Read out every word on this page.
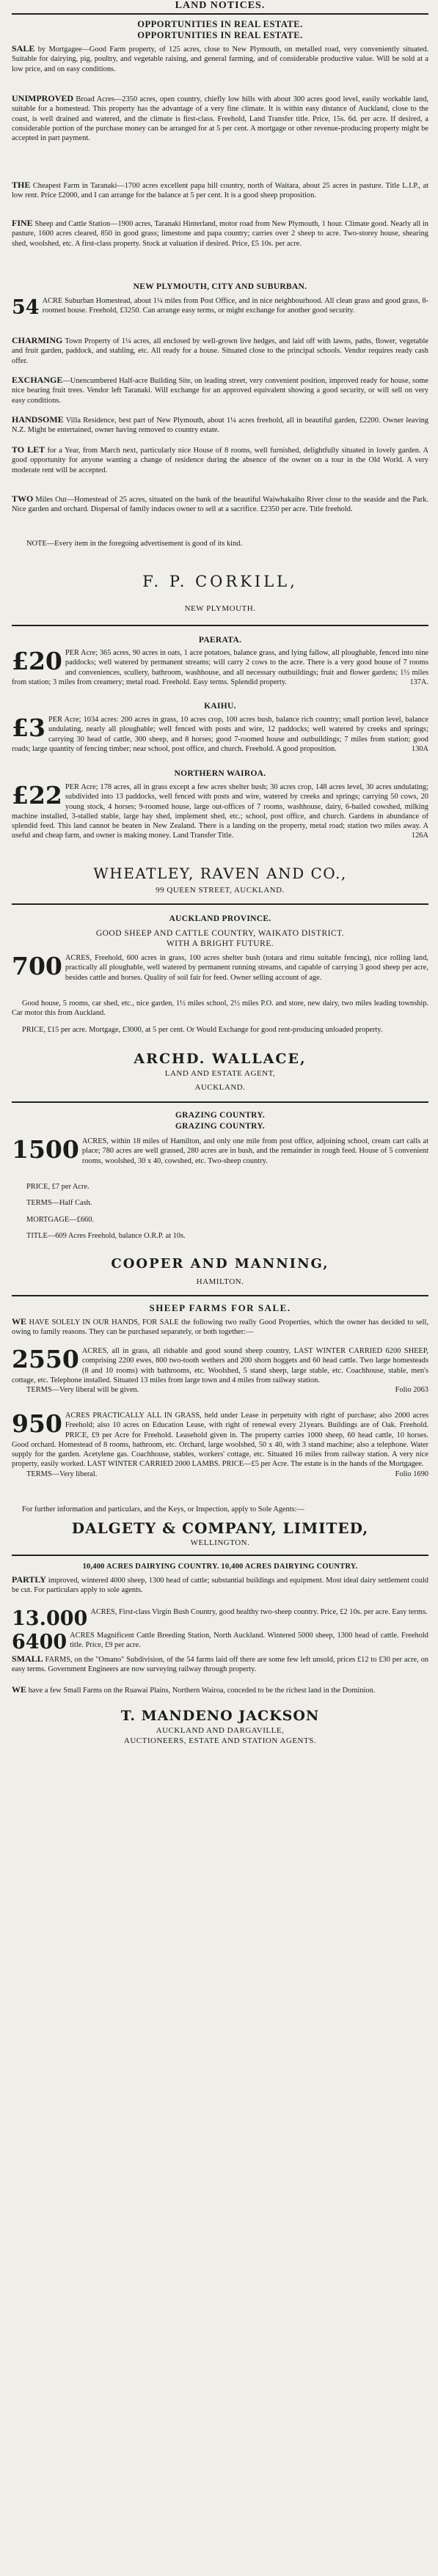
LAND NOTICES.
OPPORTUNITIES IN REAL ESTATE.
OPPORTUNITIES IN REAL ESTATE.

SALE by Mortgagee—Good Farm property, of 125 acres, close to New Plymouth, on metalled road, very conveniently situated. Suitable for dairying, pig, poultry, and vegetable raising, and general farming, and of considerable productive value. Will be sold at a low price, and on easy conditions.

UNIMPROVED Broad Acres—2350 acres, open country, chiefly low hills with about 300 acres good level, easily workable land, suitable for a homestead. This property has the advantage of a very fine climate. It is within easy distance of Auckland, close to the coast, is well drained and watered, and the climate is first-class. Freehold, Land Transfer title. Price, 15s. 6d. per acre. If desired, a considerable portion of the purchase money can be arranged for at 5 per cent. A mortgage or other revenue-producing property might be accepted in part payment.

THE Cheapest Farm in Taranaki—1700 acres excellent papa hill country, north of Waitara, about 25 acres in pasture. Title L.I.P., at low rent. Price £2000, and I can arrange for the balance at 5 per cent. It is a good sheep proposition.

FINE Sheep and Cattle Station—1900 acres, Taranaki Hinterland, motor road from New Plymouth, 1 hour. Climate good. Nearly all in pasture, 1600 acres cleared, 850 in good grass; limestone and papa country; carries over 2 sheep to acre. Two-storey house, shearing shed, woolshed, etc. A first-class property. Stock at valuation if desired. Price, £5 10s. per acre.

NEW PLYMOUTH, CITY AND SUBURBAN.

54 ACRE Suburban Homestead, about 1¼ miles from Post Office, and in nice neighbourhood. All clean grass and good grass, 8-roomed house. Freehold, £3250. Can arrange easy terms, or might exchange for another good security.

CHARMING Town Property of 1¼ acres, all enclosed by well-grown live hedges, and laid off with lawns, paths, flower, vegetable and fruit garden, paddock, and stabling, etc. All ready for a house. Situated close to the principal schools. Vendor requires ready cash offer.

EXCHANGE—Unencumbered Half-acre Building Site, on leading street, very convenient position, improved ready for house, some nice bearing fruit trees. Vendor left Taranaki. Will exchange for an approved equivalent showing a good security, or will sell on very easy conditions.

HANDSOME Villa Residence, best part of New Plymouth, about 1¼ acres freehold, all in beautiful garden, £2200. Owner leaving N.Z. Might be entertained, owner having removed to country estate.

TO LET for a Year, from March next, particularly nice House of 8 rooms, well furnished, delightfully situated in lovely garden. A good opportunity for anyone wanting a change of residence during the absence of the owner on a tour in the Old World. A very moderate rent will be accepted.

TWO Miles Out—Homestead of 25 acres, situated on the bank of the beautiful Waiwhakaiho River close to the seaside and the Park. Nice garden and orchard. Dispersal of family induces owner to sell at a sacrifice. £2350 per acre. Title freehold.

NOTE—Every item in the foregoing advertisement is good of its kind.

F. P. CORKILL,
NEW PLYMOUTH.
PAERATA.

£20 PER Acre; 365 acres, 90 acres in oats, 1 acre potatoes, balance grass, and lying fallow, all ploughable, fenced into nine paddocks; well watered by permanent streams; will carry 2 cows to the acre. There is a very good house of 7 rooms and conveniences, scullery, bathroom, washhouse, and all necessary outbuildings; fruit and flower gardens; 1½ miles from station; 3 miles from creamery; metal road. Freehold. Easy terms. Splendid property.	137A.

KAIHU.

£3 PER Acre; 1034 acres: 200 acres in grass, 10 acres crop, 100 acres bush, balance rich country; small portion level, balance undulating, nearly all ploughable; well fenced with posts and wire, 12 paddocks; well watered by creeks and springs; carrying 30 head of cattle, 300 sheep, and 8 horses; good 7-roomed house and outbuildings; 7 miles from station; good roads; large quantity of fencing timber; near school, post office, and church. Freehold. A good proposition.	130A

NORTHERN WAIROA.

£22 PER Acre; 178 acres, all in grass except a few acres shelter bush; 30 acres crop, 148 acres level, 30 acres undulating; subdivided into 13 paddocks, well fenced with posts and wire, watered by creeks and springs; carrying 50 cows, 20 young stock, 4 horses; 9-roomed house, large out-offices of 7 rooms, washhouse, dairy, 6-bailed cowshed, milking machine installed, 3-stalled stable, large hay shed, implement shed, etc.; school, post office, and church. Gardens in abundance of splendid feed. This land cannot be beaten in New Zealand. There is a landing on the property, metal road; station two miles away. A useful and cheap farm, and owner is making money. Land Transfer Title.	126A

WHEATLEY, RAVEN AND CO.,
99 QUEEN STREET, AUCKLAND.
AUCKLAND PROVINCE.
GOOD SHEEP AND CATTLE COUNTRY, WAIKATO DISTRICT.
WITH A BRIGHT FUTURE.

700 ACRES, Freehold, 600 acres in grass, 100 acres shelter bush (totara and rimu suitable fencing), nice rolling land, practically all ploughable, well watered by permanent running streams, and capable of carrying 3 good sheep per acre, besides cattle and horses. Quality of soil fair for feed. Owner selling account of age.

Good house, 5 rooms, car shed, etc., nice garden, 1½ miles school, 2½ miles P.O. and store, new dairy, two miles leading township. Car motor this from Auckland.

PRICE, £15 per acre. Mortgage, £3000, at 5 per cent. Or Would Exchange for good rent-producing unloaded property.

ARCHD. WALLACE,
LAND AND ESTATE AGENT,
AUCKLAND.
GRAZING COUNTRY.
GRAZING COUNTRY.

1500 ACRES, within 18 miles of Hamilton, and only one mile from post office, adjoining school, cream cart calls at place; 780 acres are well grassed, 280 acres are in bush, and the remainder in rough feed. House of 5 convenient rooms, woolshed, 30 x 40, cowshed, etc. Two-sheep country.

PRICE, £7 per Acre.

TERMS—Half Cash.

MORTGAGE—£660.

TITLE—609 Acres Freehold, balance O.R.P. at 10s.

COOPER AND MANNING,
HAMILTON.
SHEEP FARMS FOR SALE.

WE HAVE SOLELY IN OUR HANDS, FOR SALE the following two really Good Properties, which the owner has decided to sell, owing to family reasons. They can be purchased separately, or both together:—

2550 ACRES, all in grass, all ridsable and good sound sheep country, LAST WINTER CARRIED 6200 SHEEP, comprising 2200 ewes, 800 two-tooth wethers and 200 shorn hoggets and 60 head cattle. Two large homesteads (8 and 10 rooms) with bathrooms, etc. Woolshed, 5 stand sheep, large stable, etc. Coachhouse, stable, men's cottage, etc. Telephone installed. Situated 13 miles from large town and 4 miles from railway station.

TERMS—Very liberal will be given.	Folio 2063

950 ACRES PRACTICALLY ALL IN GRASS, held under Lease in perpetuity with right of purchase; also 2000 acres Freehold; also 10 acres on Education Lease, with right of renewal every 21years. Buildings are of Oak. Freehold. PRICE, £9 per Acre for Freehold. Leasehold given in. The property carries 1000 sheep, 60 head cattle, 10 horses. Good orchard. Homestead of 8 rooms, bathroom, etc. Orchard, large woolshed, 50 x 40, with 3 stand machine; also a telephone. Water supply for the garden. Acetylene gas. Coachhouse, stables, workers' cottage, etc. Situated 16 miles from railway station. A very nice property, easily worked. LAST WINTER CARRIED 2000 LAMBS. PRICE—£5 per Acre. The estate is in the hands of the Mortgagee.

TERMS—Very liberal.	Folio 1690

For further information and particulars, and the Keys, or Inspection, apply to Sole Agents:—

DALGETY & COMPANY, LIMITED,
WELLINGTON.
10,400 ACRES DAIRYING COUNTRY. 10,400 ACRES DAIRYING COUNTRY.

PARTLY improved, wintered 4000 sheep, 1300 head of cattle; substantial buildings and equipment. Most ideal dairy settlement could be cut. For particulars apply to sole agents.

13.000 ACRES, First-class Virgin Bush Country, good healthy two-sheep country. Price, £2 10s. per acre. Easy terms.

6400 ACRES Magnificent Cattle Breeding Station, North Auckland. Wintered 5000 sheep, 1300 head of cattle. Freehold title. Price, £9 per acre.

SMALL FARMS, on the "Omano" Subdivision, of the 54 farms laid off there are some few left unsold, prices £12 to £30 per acre, on easy terms. Government Engineers are now surveying railway through property.

WE have a few Small Farms on the Ruawai Plains, Northern Wairoa, conceded to be the richest land in the Dominion.

T. MANDENO JACKSON
AUCKLAND AND DARGAVILLE,
AUCTIONEERS, ESTATE AND STATION AGENTS.
